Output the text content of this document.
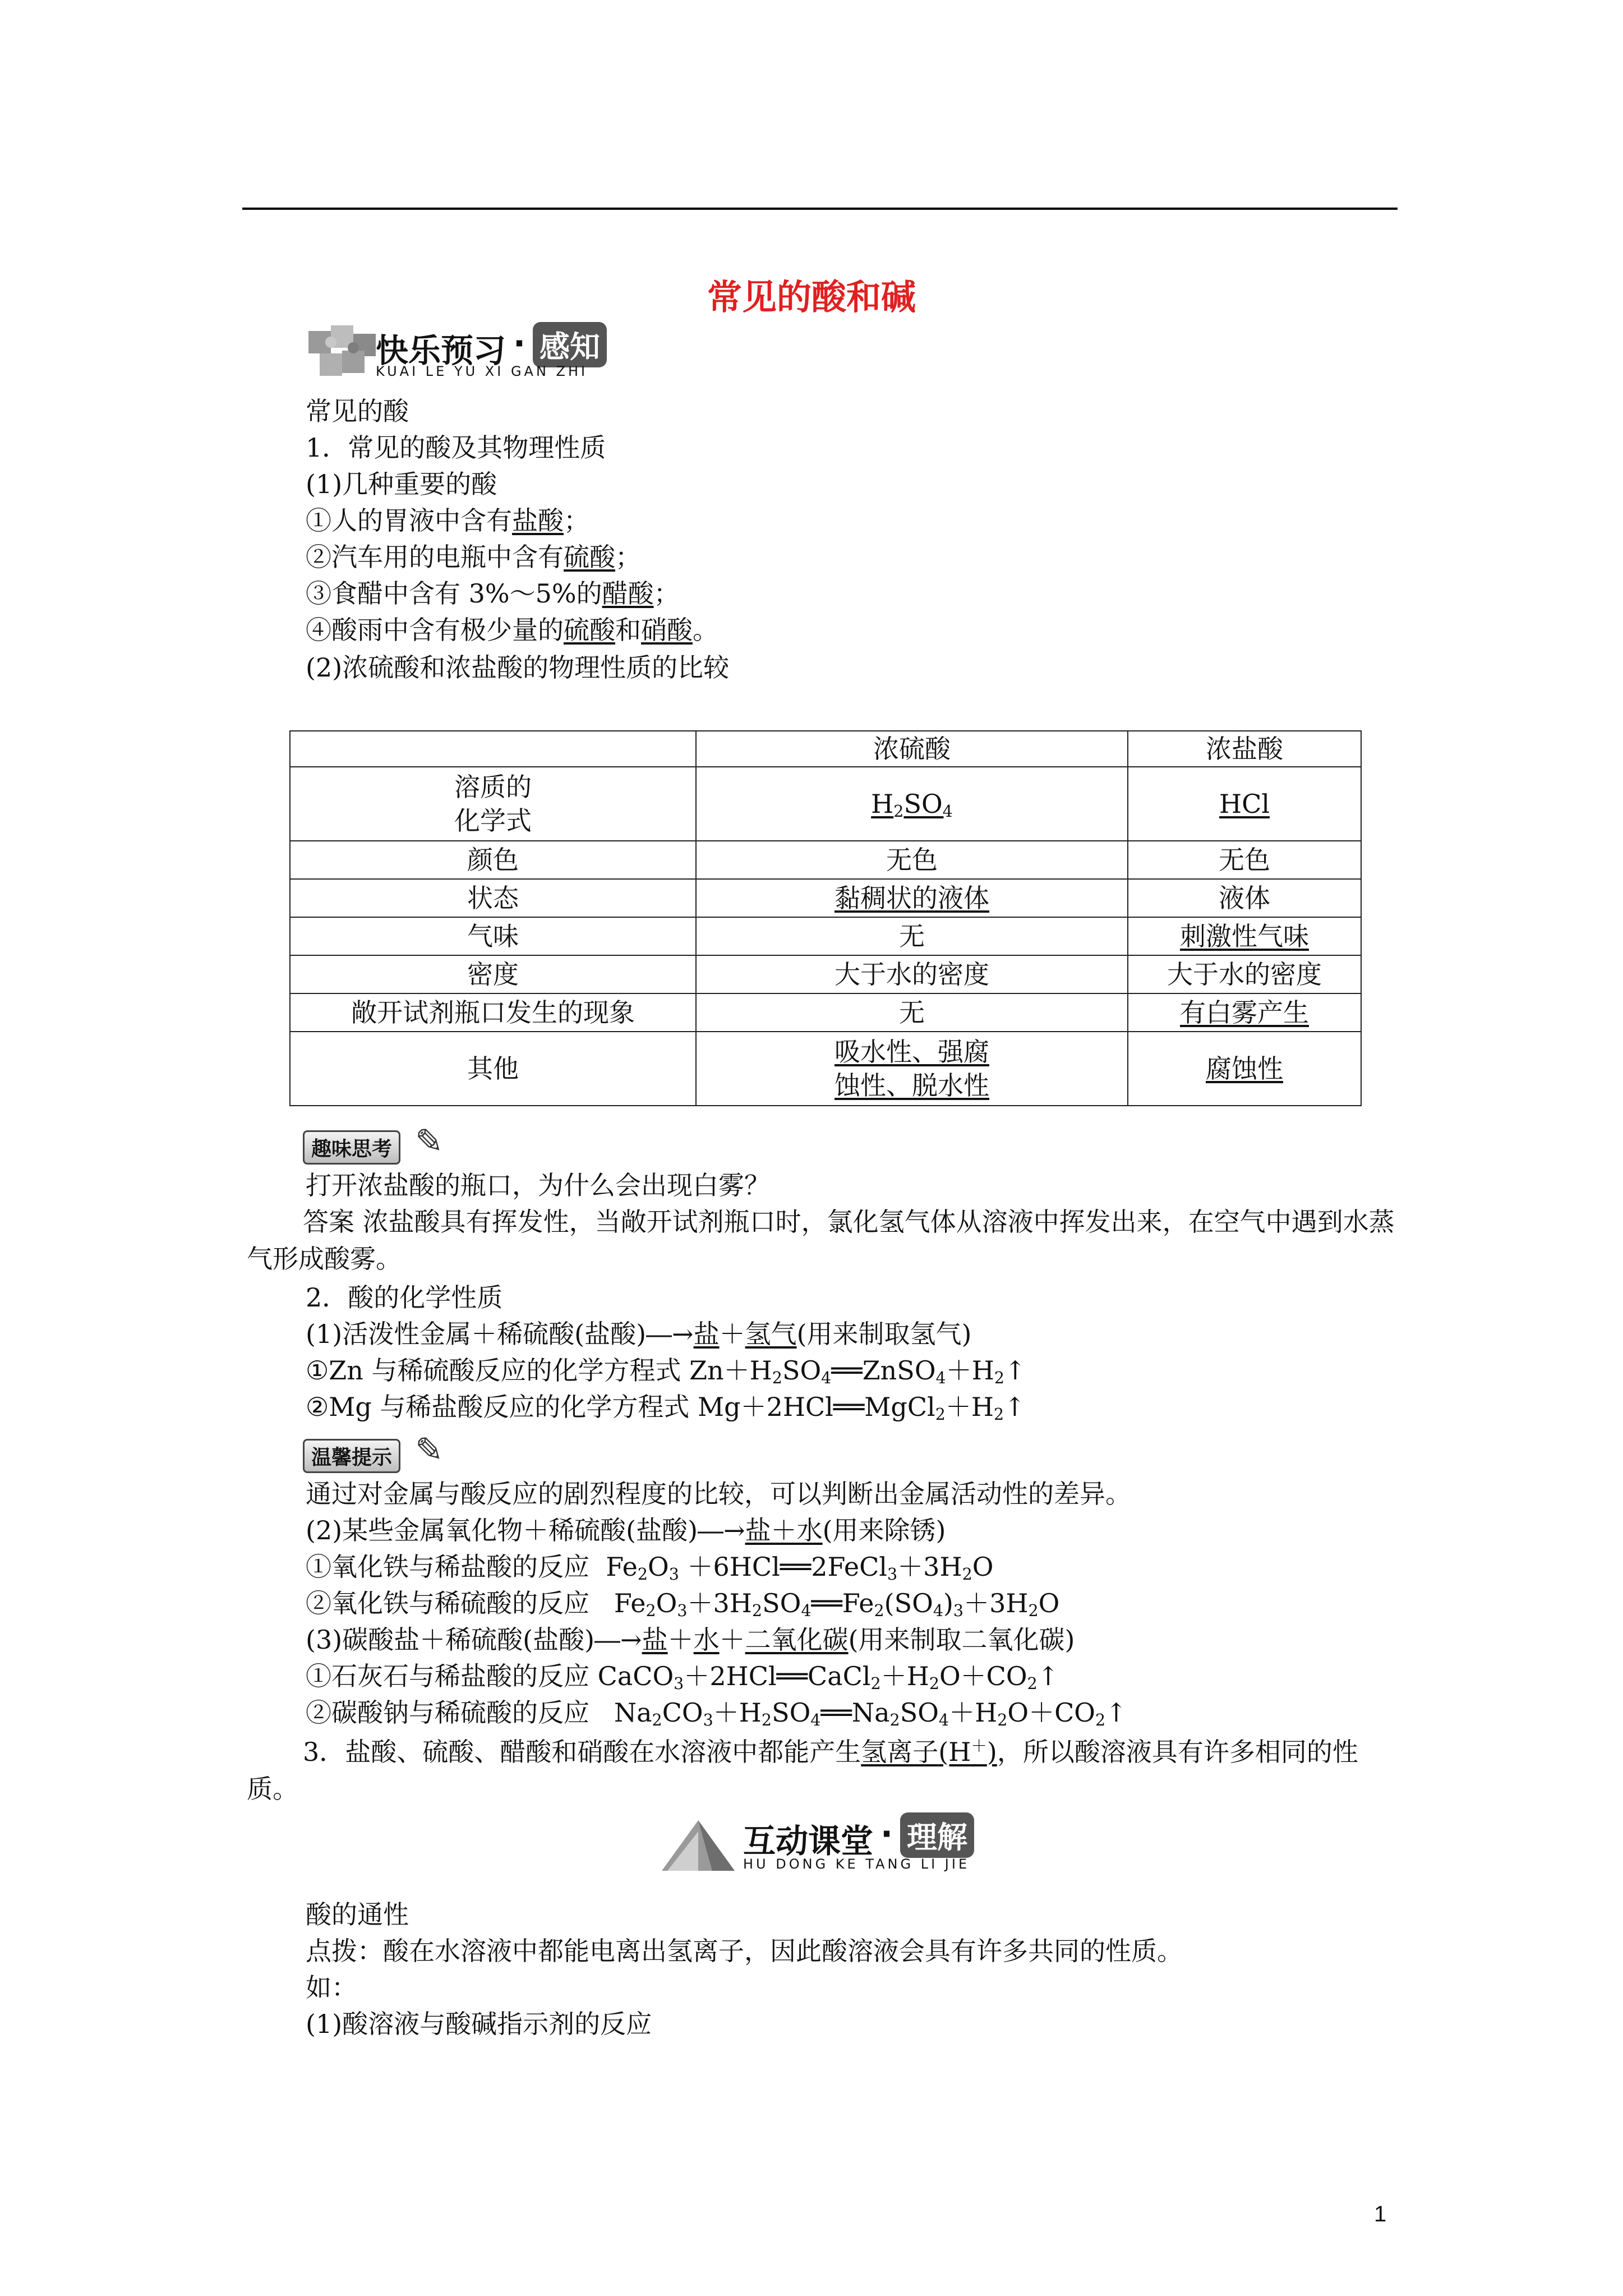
常见的酸和碱
快乐预习 · 感知
KUAI LE YU XI GAN ZHI
常见的酸
1．常见的酸及其物理性质
(1)几种重要的酸
①人的胃液中含有盐酸；
②汽车用的电瓶中含有硫酸；
③食醋中含有 3%～5%的醋酸；
④酸雨中含有极少量的硫酸和硝酸。
(2)浓硫酸和浓盐酸的物理性质的比较
	浓硫酸	浓盐酸
溶质的
化学式	$H_2SO_4$	HCl
颜色	无色	无色
状态	黏稠状的液体	液体
气味	无	刺激性气味
密度	大于水的密度	大于水的密度
敞开试剂瓶口发生的现象	无	有白雾产生
其他	吸水性、强腐
蚀性、脱水性	腐蚀性
趣味思考 ✎
打开浓盐酸的瓶口，为什么会出现白雾？
答案 浓盐酸具有挥发性，当敞开试剂瓶口时，氯化氢气体从溶液中挥发出来，在空气中遇到水蒸气形成酸雾。
2．酸的化学性质
(1)活泼性金属＋稀硫酸(盐酸)―→盐＋氢气(用来制取氢气)
①Zn 与稀硫酸反应的化学方程式 $Zn+H_2SO_4══ZnSO_4+H_2↑$
②Mg 与稀盐酸反应的化学方程式 $Mg+2HCl══MgCl_2+H_2↑$
温馨提示 ✎
通过对金属与酸反应的剧烈程度的比较，可以判断出金属活动性的差异。
(2)某些金属氧化物＋稀硫酸(盐酸)―→盐＋水(用来除锈)
①氧化铁与稀盐酸的反应  $Fe_2O_3$ $+6HCl══2FeCl_3+3H_2O$
②氧化铁与稀硫酸的反应   $Fe_2O_3+3H_2SO_4══Fe_2(SO_4)_3+3H_2O$
(3)碳酸盐＋稀硫酸(盐酸)―→盐＋水＋二氧化碳(用来制取二氧化碳)
①石灰石与稀盐酸的反应 $CaCO_3+2HCl══CaCl_2+H_2O+CO_2↑$
②碳酸钠与稀硫酸的反应   $Na_2CO_3+H_2SO_4══Na_2SO_4+H_2O+CO_2↑$
3．盐酸、硫酸、醋酸和硝酸在水溶液中都能产生氢离子(H＋)，所以酸溶液具有许多相同的性质。
互动课堂 · 理解
HU DONG KE TANG LI JIE
酸的通性
点拨：酸在水溶液中都能电离出氢离子，因此酸溶液会具有许多共同的性质。
如：
(1)酸溶液与酸碱指示剂的反应
1
